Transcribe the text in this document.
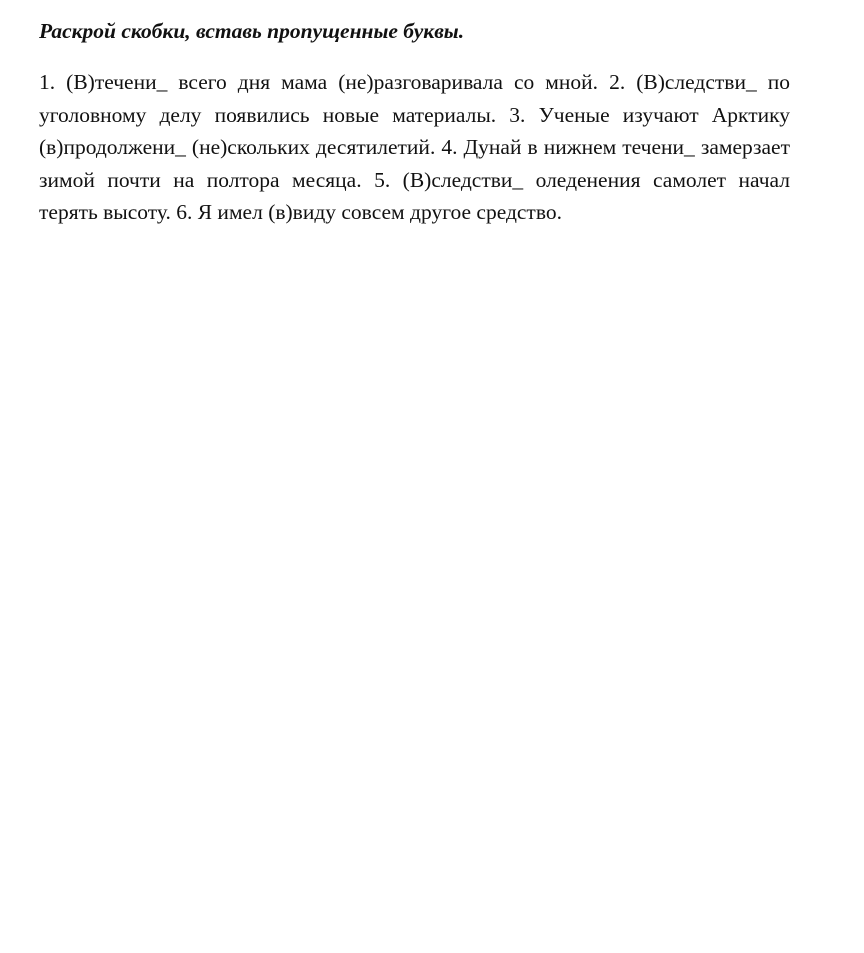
Раскрой скобки, вставь пропущенные буквы.

1. (В)течени_ всего дня мама (не)разговаривала со мной. 2. (В)следстви_ по уголовному делу появились новые материалы. 3. Ученые изучают Арктику (в)продолжени_ (не)скольких десятилетий. 4. Дунай в нижнем течени_ замерзает зимой почти на полтора месяца. 5. (В)следстви_ оледенения самолет начал терять высоту. 6. Я имел (в)виду совсем другое средство.
